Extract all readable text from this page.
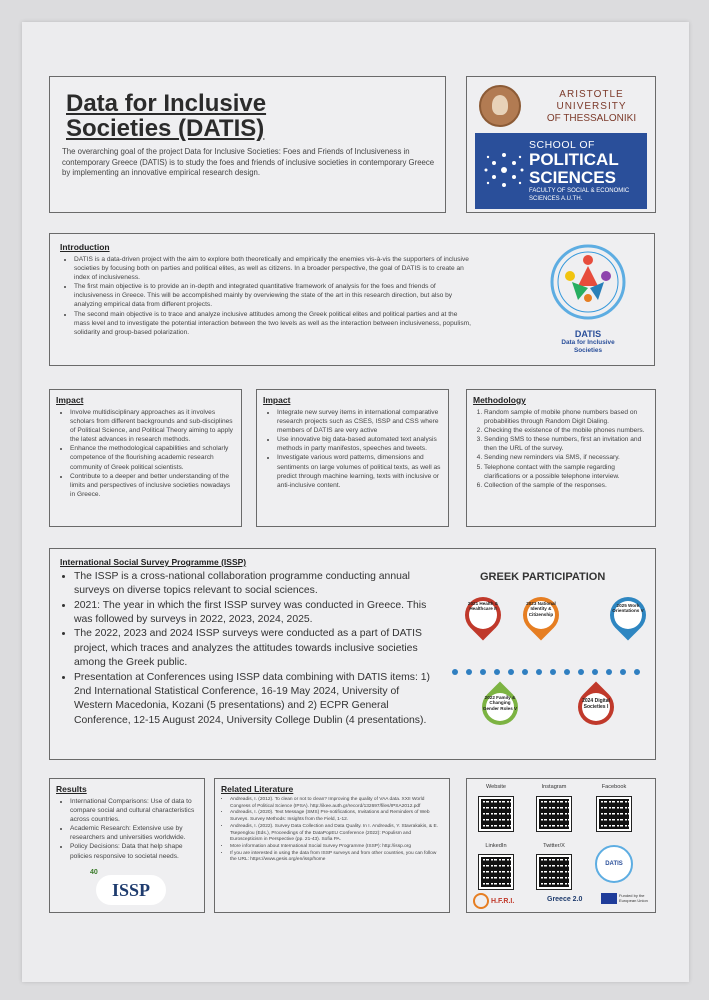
Data for Inclusive Societies (DATIS)
The overarching goal of the project Data for Inclusive Societies: Foes and Friends of Inclusiveness in contemporary Greece (DATIS) is to study the foes and friends of inclusive societies in contemporary Greece by implementing an innovative empirical research design.
ARISTOTLE
UNIVERSITY
OF THESSALONIKI
SCHOOL OF
POLITICAL SCIENCES
FACULTY OF SOCIAL & ECONOMIC SCIENCES A.U.TH.
Introduction
• DATIS is a data-driven project with the aim to explore both theoretically and empirically the enemies vis-à-vis the supporters of inclusive societies by focusing both on parties and political elites, as well as citizens. In a broader perspective, the goal of DATIS is to create an index of inclusiveness.
• The first main objective is to provide an in-depth and integrated quantitative framework of analysis for the foes and friends of inclusiveness in Greece. This will be accomplished mainly by overviewing the state of the art in this research direction, but also by analyzing empirical data from different projects.
• The second main objective is to trace and analyze inclusive attitudes among the Greek political elites and political parties and at the mass level and to investigate the potential interaction between the two levels as well as the interaction between inclusiveness, populism, solidarity and group-based polarization.	DATIS
Data for Inclusive Societies
Impact
• Involve multidisciplinary approaches as it involves scholars from different backgrounds and sub-disciplines of Political Science, and Political Theory aiming to apply the latest advances in research methods.
• Enhance the methodological capabilities and scholarly competence of the flourishing academic research community of Greek political scientists.
• Contribute to a deeper and better understanding of the limits and perspectives of inclusive societies nowadays in Greece.
Impact
• Integrate new survey items in international comparative research projects such as CSES, ISSP and CSS where members of DATIS are very active
• Use innovative big data-based automated text analysis methods in party manifestos, speeches and tweets.
• Investigate various word patterns, dimensions and sentiments on large volumes of political texts, as well as predict through machine learning, texts with inclusive or anti-inclusive content.
Methodology
1. Random sample of mobile phone numbers based on probabilities through Random Digit Dialing.
2. Checking the existence of the mobile phones numbers.
3. Sending SMS to these numbers, first an invitation and then the URL of the survey.
4. Sending new reminders via SMS, if necessary.
5. Telephone contact with the sample regarding clarifications or a possible telephone interview.
6. Collection of the sample of the responses.
International Social Survey Programme (ISSP)
• The ISSP is a cross-national collaboration programme conducting annual surveys on diverse topics relevant to social sciences.
• 2021: The year in which the first ISSP survey was conducted in Greece. This was followed by surveys in 2022, 2023, 2024, 2025.
• The 2022, 2023 and 2024 ISSP surveys were conducted as a part of DATIS project, which traces and analyzes the attitudes towards inclusive societies among the Greek public.
• Presentation at Conferences using ISSP data combining with DATIS items: 1) 2nd International Statistical Conference, 16-19 May 2024, University of Western Macedonia, Kozani (5 presentations) and 2) ECPR General Conference, 12-15 August 2024, University College Dublin (4 presentations).
GREEK PARTICIPATION
2021 Health & Healthcare II
2023 National Identity & Citizenship
2025 Work Orientations V
2022 Family & Changing Gender Roles V
2024 Digital Societies I
Results
• International Comparisons: Use of data to compare social and cultural characteristics across countries.
• Academic Research: Extensive use by researchers and universities worldwide.
• Policy Decisions: Data that help shape policies responsive to societal needs.
40
ISSP
Related Literature
• Andreadis, I. (2012). To clean or not to clean? Improving the quality of VAA data. XXII World Congress of Political Science (IPSA). http://ikee.auth.gr/record/132697/files/IPSA2012.pdf
• Andreadis, I. (2020). Text Message (SMS) Pre-notifications, Invitations and Reminders of Web Surveys. Survey Methods: Insights from the Field, 1-12.
• Andreadis, I. (2022). Survey Data Collection and Data Quality. In I. Andreadis, Y. Stavrakakis, & E. Tsepenglou (Eds.), Proceedings of the DataPopEU Conference (2022): Populism and Euroscepticism in Perspective (pp. 21-43). Sofia PA.
• More information about International Social Survey Programme (ISSP): http://issp.org
• If you are interested in using the data from ISSP surveys and from other countries, you can follow the URL: https://www.gesis.org/en/issp/home
Website	Instagram	Facebook
LinkedIn	Twitter/X
DATIS
H.F.R.I.	Greece 2.0
Funded by the European Union
